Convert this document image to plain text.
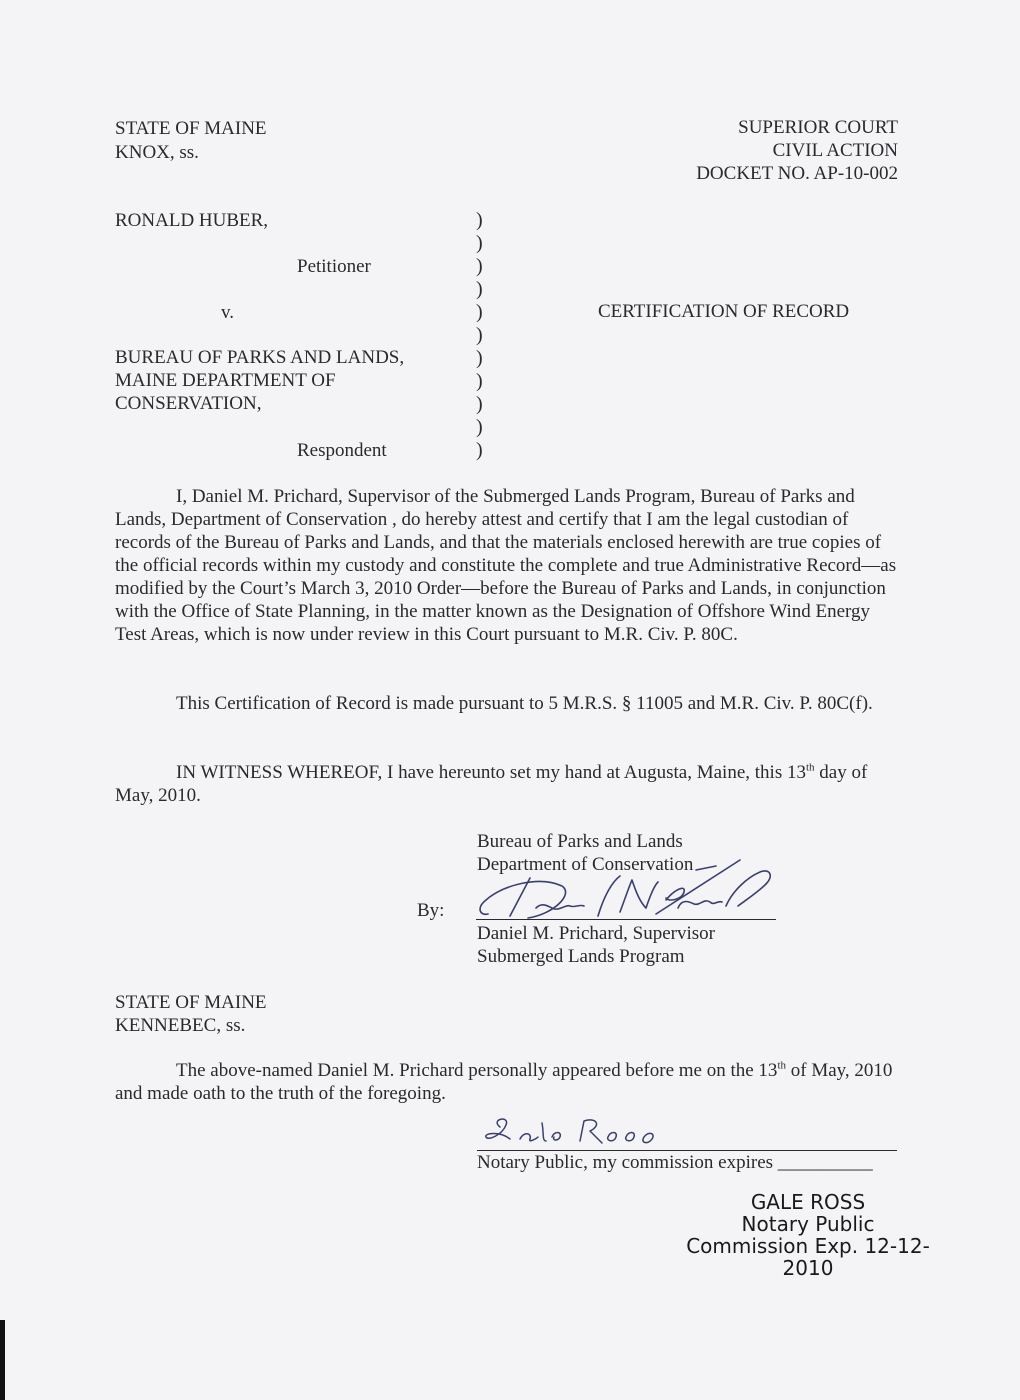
STATE OF MAINE
KNOX, ss.
SUPERIOR COURT
CIVIL ACTION
DOCKET NO. AP-10-002
RONALD HUBER,
Petitioner
v.
BUREAU OF PARKS AND LANDS,
MAINE DEPARTMENT OF
CONSERVATION,
Respondent
)
)
)
)
)
)
)
)
)
)
)
CERTIFICATION OF RECORD
I, Daniel M. Prichard, Supervisor of the Submerged Lands Program, Bureau of Parks and Lands, Department of Conservation , do hereby attest and certify that I am the legal custodian of records of the Bureau of Parks and Lands, and that the materials enclosed herewith are true copies of the official records within my custody and constitute the complete and true Administrative Record—as modified by the Court’s March 3, 2010 Order—before the Bureau of Parks and Lands, in conjunction with the Office of State Planning, in the matter known as the Designation of Offshore Wind Energy Test Areas, which is now under review in this Court pursuant to M.R. Civ. P. 80C.
This Certification of Record is made pursuant to 5 M.R.S. § 11005 and M.R. Civ. P. 80C(f).
IN WITNESS WHEREOF, I have hereunto set my hand at Augusta, Maine, this 13th day of May, 2010.
Bureau of Parks and Lands
Department of Conservation
By:
Daniel M. Prichard, Supervisor
Submerged Lands Program
STATE OF MAINE
KENNEBEC, ss.
The above-named Daniel M. Prichard personally appeared before me on the 13th of May, 2010 and made oath to the truth of the foregoing.
Notary Public, my commission expires __________
GALE ROSS
Notary Public
Commission Exp. 12-12-2010
